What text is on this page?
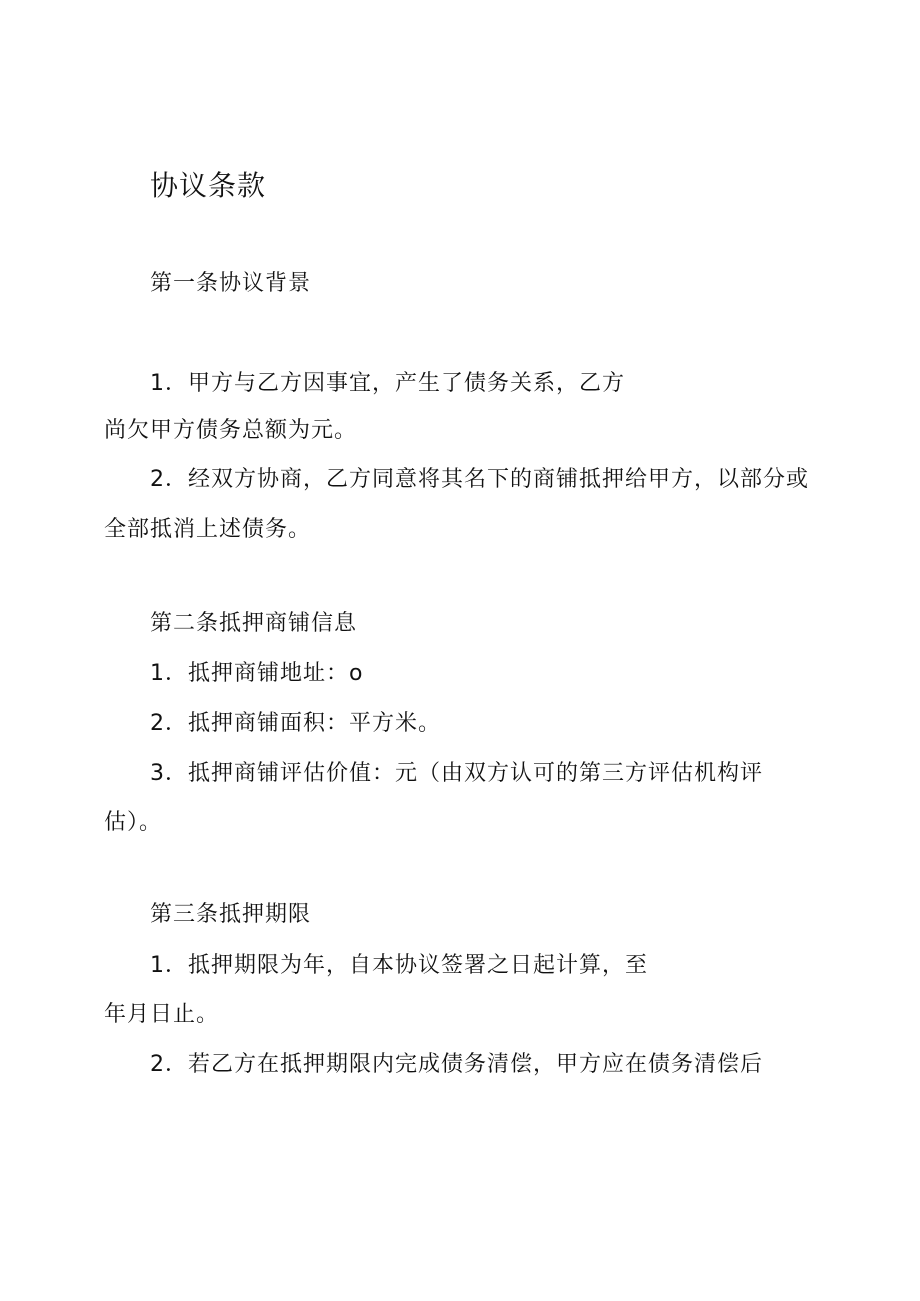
协议条款
第一条协议背景
1．甲方与乙方因事宜，产生了债务关系，乙方
尚欠甲方债务总额为元。
2．经双方协商，乙方同意将其名下的商铺抵押给甲方，以部分或
全部抵消上述债务。
第二条抵押商铺信息
1．抵押商铺地址：o
2．抵押商铺面积：平方米。
3．抵押商铺评估价值：元（由双方认可的第三方评估机构评
估）。
第三条抵押期限
1．抵押期限为年，自本协议签署之日起计算，至
年月日止。
2．若乙方在抵押期限内完成债务清偿，甲方应在债务清偿后
